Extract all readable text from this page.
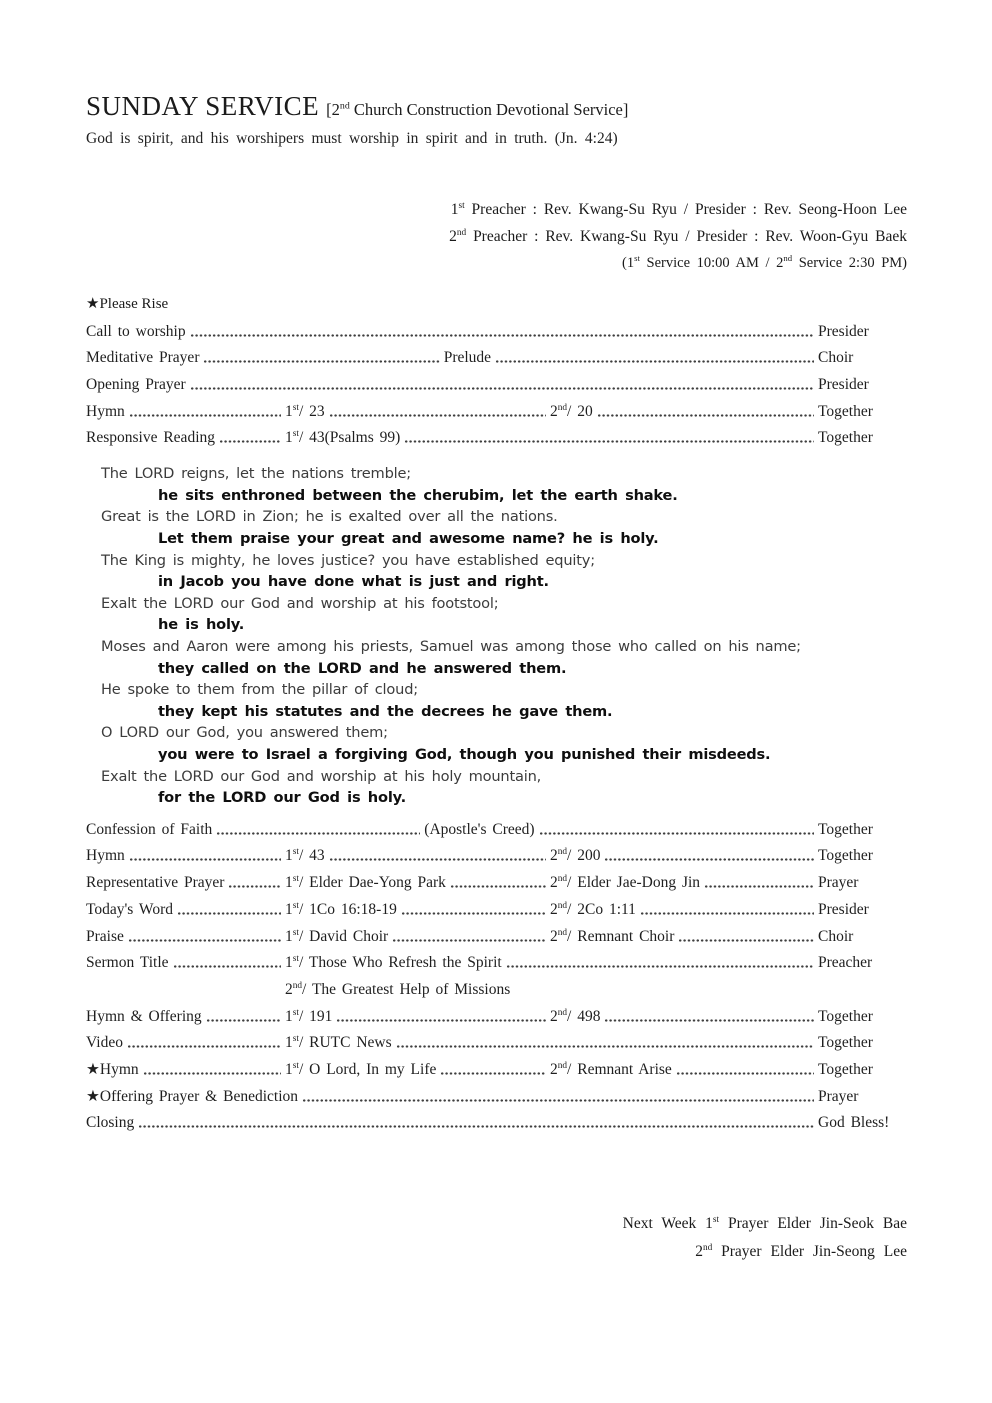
SUNDAY SERVICE [2nd Church Construction Devotional Service]
God is spirit, and his worshipers must worship in spirit and in truth. (Jn. 4:24)
1st Preacher : Rev. Kwang-Su Ryu / Presider : Rev. Seong-Hoon Lee
2nd Preacher : Rev. Kwang-Su Ryu / Presider : Rev. Woon-Gyu Baek
(1st Service 10:00 AM / 2nd Service 2:30 PM)
★Please Rise
Call to worship	Presider
Meditative Prayer	Prelude	Choir
Opening Prayer	Presider
Hymn	1st/ 23	2nd/ 20	Together
Responsive Reading	1st/ 43(Psalms 99)	Together
The LORD reigns, let the nations tremble;
he sits enthroned between the cherubim, let the earth shake.
Great is the LORD in Zion; he is exalted over all the nations.
Let them praise your great and awesome name? he is holy.
The King is mighty, he loves justice? you have established equity;
in Jacob you have done what is just and right.
Exalt the LORD our God and worship at his footstool;
he is holy.
Moses and Aaron were among his priests, Samuel was among those who called on his name;
they called on the LORD and he answered them.
He spoke to them from the pillar of cloud;
they kept his statutes and the decrees he gave them.
O LORD our God, you answered them;
you were to Israel a forgiving God, though you punished their misdeeds.
Exalt the LORD our God and worship at his holy mountain,
for the LORD our God is holy.
Confession of Faith	(Apostle's Creed)	Together
Hymn	1st/ 43	2nd/ 200	Together
Representative Prayer	1st/ Elder Dae-Yong Park	2nd/ Elder Jae-Dong Jin	Prayer
Today's Word	1st/ 1Co 16:18-19	2nd/ 2Co 1:11	Presider
Praise	1st/ David Choir	2nd/ Remnant Choir	Choir
Sermon Title	1st/ Those Who Refresh the Spirit	Preacher
2nd/ The Greatest Help of Missions
Hymn & Offering	1st/ 191	2nd/ 498	Together
Video	1st/ RUTC News	Together
★Hymn	1st/ O Lord, In my Life	2nd/ Remnant Arise	Together
★Offering Prayer & Benediction	Prayer
Closing	God Bless!
Next Week 1st Prayer Elder Jin-Seok Bae
2nd Prayer Elder Jin-Seong Lee
